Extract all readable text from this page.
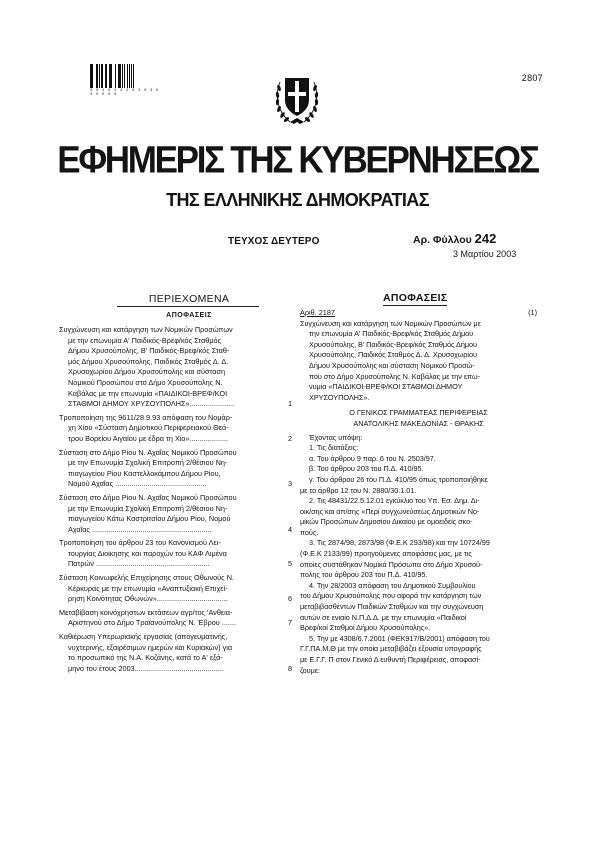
0 0 4 0 2 4 2 0 3 0 3 0 3 0 0 0 8
2807
ΕΦΗΜΕΡΙΣ ΤΗΣ ΚΥΒΕΡΝΗΣΕΩΣ
ΤΗΣ ΕΛΛΗΝΙΚΗΣ ΔΗΜΟΚΡΑΤΙΑΣ
ΤΕΥΧΟΣ ΔΕΥΤΕΡΟ	Αρ. Φύλλου 242
3 Μαρτίου 2003
ΠΕΡΙΕΧΟΜΕΝΑ
ΑΠΟΦΑΣΕΙΣ
Συγχώνευση και κατάργηση των Νομικών Προσώπων
με την επωνυμία Α' Παιδικός-Βρεφ/κός Σταθμός
Δήμου Χρυσούπολης, Β' Παιδικός-Βρεφ/κός Σταθ-
μός Δήμου Χρυσούπολης, Παιδικός Σταθμός Δ. Δ.
Χρυσοχωρίου Δήμου Χρυσούπολης και σύσταση
Νομικού Προσώπου στο Δήμο Χρυσούπολης Ν.
Καβάλας με την επωνυμία «ΠΑΙΔΙΚΟΙ-ΒΡΕΦ/ΚΟΙ
ΣΤΑΘΜΟΙ ΔΗΜΟΥ ΧΡΥΣΟΥΠΟΛΗΣ»......................	1
Τροποποίηση της 9611/28.9.93 απόφαση του Νομάρ-
χη Χίου «Σύσταση Δημοτικού Περιφερειακού Θεά-
τρου Βορείου Αιγαίου με έδρα τη Χίο»...................	2
Σύσταση στο Δήμο Ρίου Ν. Αχαΐας Νομικού Προσώπου
με την Επωνυμία Σχολική Επιτροπή 2/θέσιου Νη-
πιαγωγείου Ρίου Καστελλοκάμπου Δήμου Ρίου,
Νομού Αχαΐας .............................................	3
Σύσταση στο Δήμο Ρίου Ν. Αχαΐας Νομικού Προσώπου
με την Επωνυμία Σχολική Επιτροπή 2/θέσιου Νη-
πιαγωγείου Κάτω Καστριτσίου Δήμου Ρίου, Νομού
Αχαΐας ...........................................................	4
Τροποποίηση του άρθρου 23 του Κανονισμού Λει-
τουργίας Διοίκησης και παροχών του ΚΑΦ Λιμένα
Πατρών ........................................................	5
Σύσταση Κοινωφελής Επιχείρησης στους Οθωνούς Ν.
Κέρκυρας με την επωνυμία «Αναπτυξιακή Επιχεί-
ρηση Κοινότητας Οθωνών»...................................	6
Μεταβίβαση κοινόχρηστων εκτάσεων αγρ/τος 'Ανθεια-
Αριστηνού στο Δήμο Τραϊανούπολης Ν. Έβρου .......	7
Καθιέρωση Υπερωριακής εργασίας (απογευματινής,
νυχτερινής, εξαιρέσιμων ημερών και Κυριακών) για
το προσωπικό της Ν.Α. Κοζάνης, κατά το Α' εξά-
μηνο του έτους 2003............................................	8
ΑΠΟΦΑΣΕΙΣ
Αριθ. 2187	(1)
Συγχώνευση και κατάργηση των Νομικών Προσώπων με
την επωνυμία Α' Παιδικός-Βρεφ/κός Σταθμός Δήμου
Χρυσούπολης, Β' Παιδικός-Βρεφ/κός Σταθμός Δήμου
Χρυσούπολης, Παιδικός Σταθμός Δ. Δ. Χρυσοχωρίου
Δήμου Χρυσούπολης και σύσταση Νομικού Προσώ-
που στο Δήμο Χρυσούπολης Ν. Καβάλας με την επω-
νυμία «ΠΑΙΔΙΚΟΙ-ΒΡΕΦ/ΚΟΙ ΣΤΑΘΜΟΙ ΔΗΜΟΥ
ΧΡΥΣΟΥΠΟΛΗΣ».
Ο ΓΕΝΙΚΟΣ ΓΡΑΜΜΑΤΕΑΣ ΠΕΡΙΦΕΡΕΙΑΣ
ΑΝΑΤΟΛΙΚΗΣ ΜΑΚΕΔΟΝΙΑΣ - ΘΡΑΚΗΣ
Έχοντας υπόψη:
1. Τις διατάξεις:
α. Του άρθρου 9 παρ. 6 του Ν. 2503/97.
β. Του άρθρου 203 του Π.Δ. 410/95.
γ. Του άρθρου 26 του Π.Δ. 410/95 όπως τροποποιήθηκε
με το άρθρο 12 του Ν. 2880/30.1.01.
2. Τις 48431/22.5.12.01 εγκύκλιο του Υπ. Εσ. Δημ. Δι-
οικ/σης και απ/σης «Περί συγχωνεύσεως Δημοτικών Νο-
μικών Προσώπων Δημοσίου Δικαίου με ομοειδείς σκο-
πούς.
3. Τις 2874/98, 2873/98 (Φ.Ε.Κ 293/98) και την 10724/99
(Φ.Ε.Κ 2133/99) προηγούμενες αποφάσεις μας, με τις
οποίες συστάθηκαν Νομικά Πρόσωπα στο Δήμο Χρυσού-
πολης του άρθρου 203 του Π.Δ. 410/95.
4. Την 28/2003 απόφαση του Δημοτικού Συμβουλίου
του Δήμου Χρυσούπολης που αφορά την κατάργηση των
μεταβιβασθέντων Παιδικών Σταθμών και την συγχώνευση
αυτών σε ενιαίο Ν.Π.Δ.Δ. με την επωνυμία «Παιδικοί
Βρεφ/κοί Σταθμοί Δήμου Χρυσούπολης».
5. Την με 4308/6.7.2001 (ΦΕΚ917/Β/2001) απόφαση του
Γ.Γ.ΠΑ.Μ.Θ με την οποία μεταβιβάζει εξουσία υπογραφής
με Ε.Γ.Γ. Π στον Γενικό Δ ευθυντή Περιφέρειας, αποφασί-
ζουμε:
